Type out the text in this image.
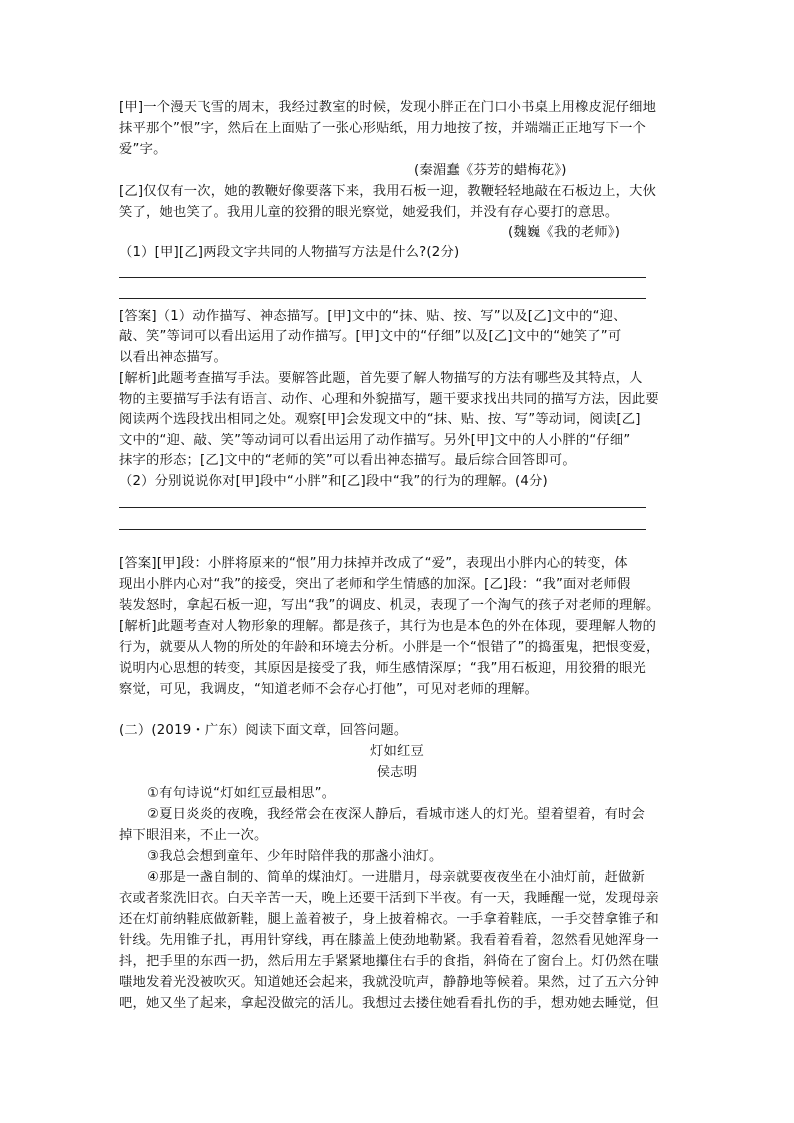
[甲]一个漫天飞雪的周末，我经过教室的时候，发现小胖正在门口小书桌上用橡皮泥仔细地
抹平那个”恨”字，然后在上面贴了一张心形贴纸，用力地按了按，并端端正正地写下一个
爱”字。
(秦湄蠢《芬芳的蜡梅花》)
[乙]仅仅有一次，她的教鞭好像要落下来，我用石板一迎，教鞭轻轻地敲在石板边上，大伙
笑了，她也笑了。我用儿童的狡猾的眼光察觉，她爱我们，并没有存心要打的意思。
(魏巍《我的老师》)
（1）[甲][乙]两段文字共同的人物描写方法是什么?(2分)
[答案]（1）动作描写、神态描写。[甲]文中的“抹、贴、按、写”以及[乙]文中的“迎、
敲、笑”等词可以看出运用了动作描写。[甲]文中的“仔细”以及[乙]文中的“她笑了”可
以看出神态描写。
[解析]此题考查描写手法。要解答此题，首先要了解人物描写的方法有哪些及其特点，人
物的主要描写手法有语言、动作、心理和外貌描写，题干要求找出共同的描写方法，因此要
阅读两个选段找出相同之处。观察[甲]会发现文中的“抹、贴、按、写”等动词，阅读[乙]
文中的“迎、敲、笑”等动词可以看出运用了动作描写。另外[甲]文中的人小胖的“仔细”
抹字的形态；[乙]文中的“老师的笑”可以看出神态描写。最后综合回答即可。
（2）分别说说你对[甲]段中“小胖”和[乙]段中“我”的行为的理解。(4分)
[答案][甲]段：小胖将原来的“恨”用力抹掉并改成了“爱”，表现出小胖内心的转变，体
现出小胖内心对“我”的接受，突出了老师和学生情感的加深。[乙]段：“我”面对老师假
装发怒时，拿起石板一迎，写出“我”的调皮、机灵，表现了一个淘气的孩子对老师的理解。
[解析]此题考查对人物形象的理解。都是孩子，其行为也是本色的外在体现，要理解人物的
行为，就要从人物的所处的年龄和环境去分析。小胖是一个“恨错了”的捣蛋鬼，把恨变爱，
说明内心思想的转变，其原因是接受了我，师生感情深厚；“我”用石板迎，用狡猾的眼光
察觉，可见，我调皮，“知道老师不会存心打他”，可见对老师的理解。
(二）(2019・广东）阅读下面文章，回答问题。
灯如红豆
侯志明
①有句诗说“灯如红豆最相思”。
②夏日炎炎的夜晚，我经常会在夜深人静后，看城市迷人的灯光。望着望着，有时会
掉下眼泪来，不止一次。
③我总会想到童年、少年时陪伴我的那盏小油灯。
④那是一盏自制的、简单的煤油灯。一进腊月，母亲就要夜夜坐在小油灯前，赶做新
衣或者浆洗旧衣。白天辛苦一天，晚上还要干活到下半夜。有一天，我睡醒一觉，发现母亲
还在灯前纳鞋底做新鞋，腿上盖着被子，身上披着棉衣。一手拿着鞋底，一手交替拿锥子和
针线。先用锥子扎，再用针穿线，再在膝盖上使劲地勒紧。我看着看着，忽然看见她浑身一
抖，把手里的东西一扔，然后用左手紧紧地攥住右手的食指，斜倚在了窗台上。灯仍然在嗤
嗤地发着光没被吹灭。知道她还会起来，我就没吭声，静静地等候着。果然，过了五六分钟
吧，她又坐了起来，拿起没做完的活儿。我想过去搂住她看看扎伤的手，想劝她去睡觉，但
